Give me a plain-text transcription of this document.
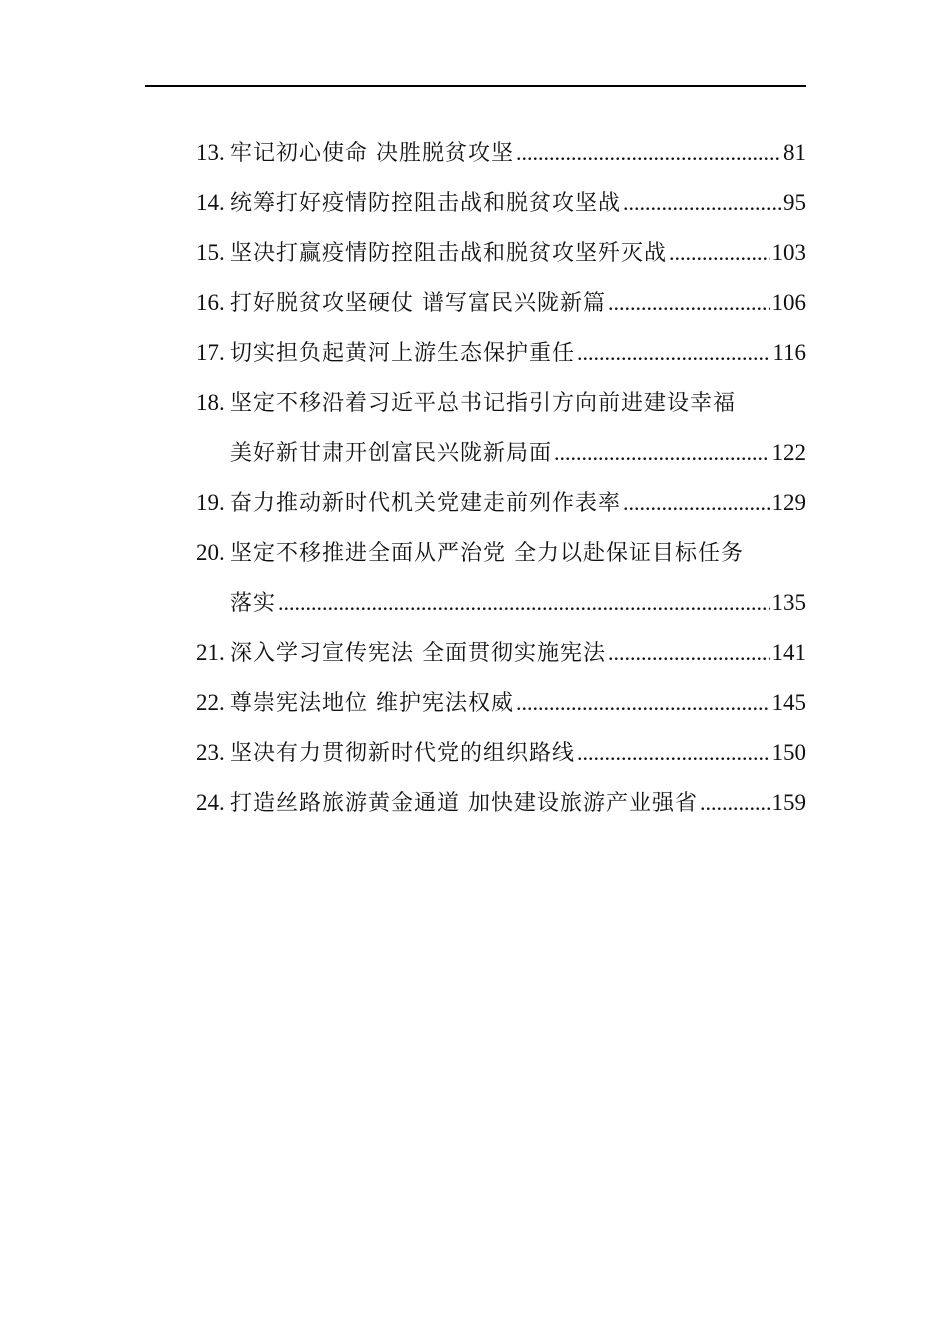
13. 牢记初心使命 决胜脱贫攻坚 .....	81
14. 统筹打好疫情防控阻击战和脱贫攻坚战 .....	95
15. 坚决打赢疫情防控阻击战和脱贫攻坚歼灭战 .....	103
16. 打好脱贫攻坚硬仗 谱写富民兴陇新篇 .....	106
17. 切实担负起黄河上游生态保护重任 .....	116
18. 坚定不移沿着习近平总书记指引方向前进建设幸福
美好新甘肃开创富民兴陇新局面 .....	122
19. 奋力推动新时代机关党建走前列作表率 .....	129
20. 坚定不移推进全面从严治党 全力以赴保证目标任务
落实 .....	135
21. 深入学习宣传宪法 全面贯彻实施宪法 .....	141
22. 尊崇宪法地位 维护宪法权威 .....	145
23. 坚决有力贯彻新时代党的组织路线 .....	150
24. 打造丝路旅游黄金通道 加快建设旅游产业强省 .....	159
